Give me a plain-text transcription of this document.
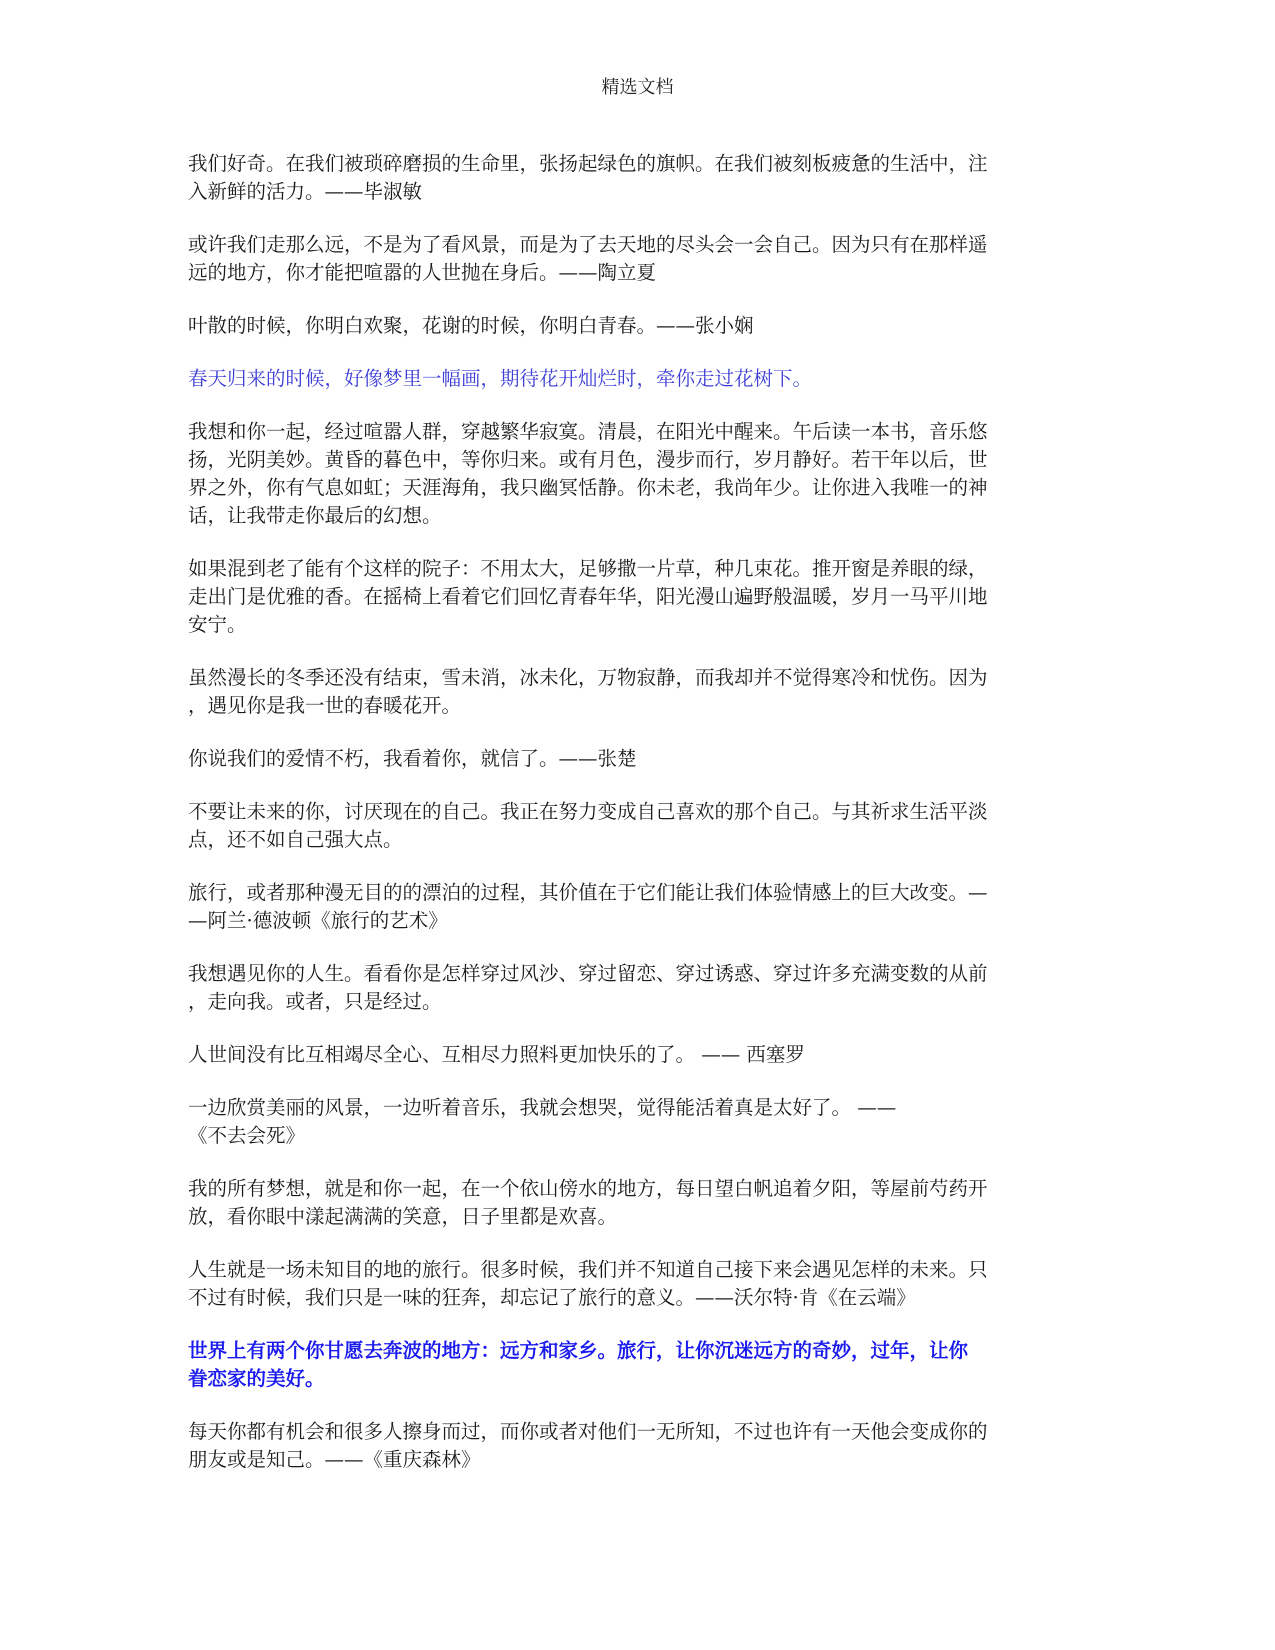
精选文档

我们好奇。在我们被琐碎磨损的生命里，张扬起绿色的旗帜。在我们被刻板疲惫的生活中，注
入新鲜的活力。——毕淑敏

或许我们走那么远，不是为了看风景，而是为了去天地的尽头会一会自己。因为只有在那样遥
远的地方，你才能把喧嚣的人世抛在身后。——陶立夏

叶散的时候，你明白欢聚，花谢的时候，你明白青春。——张小娴

春天归来的时候，好像梦里一幅画，期待花开灿烂时，牵你走过花树下。

我想和你一起，经过喧嚣人群，穿越繁华寂寞。清晨，在阳光中醒来。午后读一本书，音乐悠
扬，光阴美妙。黄昏的暮色中，等你归来。或有月色，漫步而行，岁月静好。若干年以后，世
界之外，你有气息如虹；天涯海角，我只幽冥恬静。你未老，我尚年少。让你进入我唯一的神
话，让我带走你最后的幻想。

如果混到老了能有个这样的院子：不用太大，足够撒一片草，种几束花。推开窗是养眼的绿，
走出门是优雅的香。在摇椅上看着它们回忆青春年华，阳光漫山遍野般温暖，岁月一马平川地
安宁。

虽然漫长的冬季还没有结束，雪未消，冰未化，万物寂静，而我却并不觉得寒冷和忧伤。因为
，遇见你是我一世的春暖花开。

你说我们的爱情不朽，我看着你，就信了。——张楚

不要让未来的你，讨厌现在的自己。我正在努力变成自己喜欢的那个自己。与其祈求生活平淡
点，还不如自己强大点。

旅行，或者那种漫无目的的漂泊的过程，其价值在于它们能让我们体验情感上的巨大改变。—
—阿兰·德波顿《旅行的艺术》

我想遇见你的人生。看看你是怎样穿过风沙、穿过留恋、穿过诱惑、穿过许多充满变数的从前
，走向我。或者，只是经过。

人世间没有比互相竭尽全心、互相尽力照料更加快乐的了。 —— 西塞罗

一边欣赏美丽的风景，一边听着音乐，我就会想哭，觉得能活着真是太好了。 ——
《不去会死》

我的所有梦想，就是和你一起，在一个依山傍水的地方，每日望白帆追着夕阳，等屋前芍药开
放，看你眼中漾起满满的笑意，日子里都是欢喜。

人生就是一场未知目的地的旅行。很多时候，我们并不知道自己接下来会遇见怎样的未来。只
不过有时候，我们只是一味的狂奔，却忘记了旅行的意义。——沃尔特·肯《在云端》

世界上有两个你甘愿去奔波的地方：远方和家乡。旅行，让你沉迷远方的奇妙，过年，让你
眷恋家的美好。

每天你都有机会和很多人擦身而过，而你或者对他们一无所知，不过也许有一天他会变成你的
朋友或是知己。——《重庆森林》
